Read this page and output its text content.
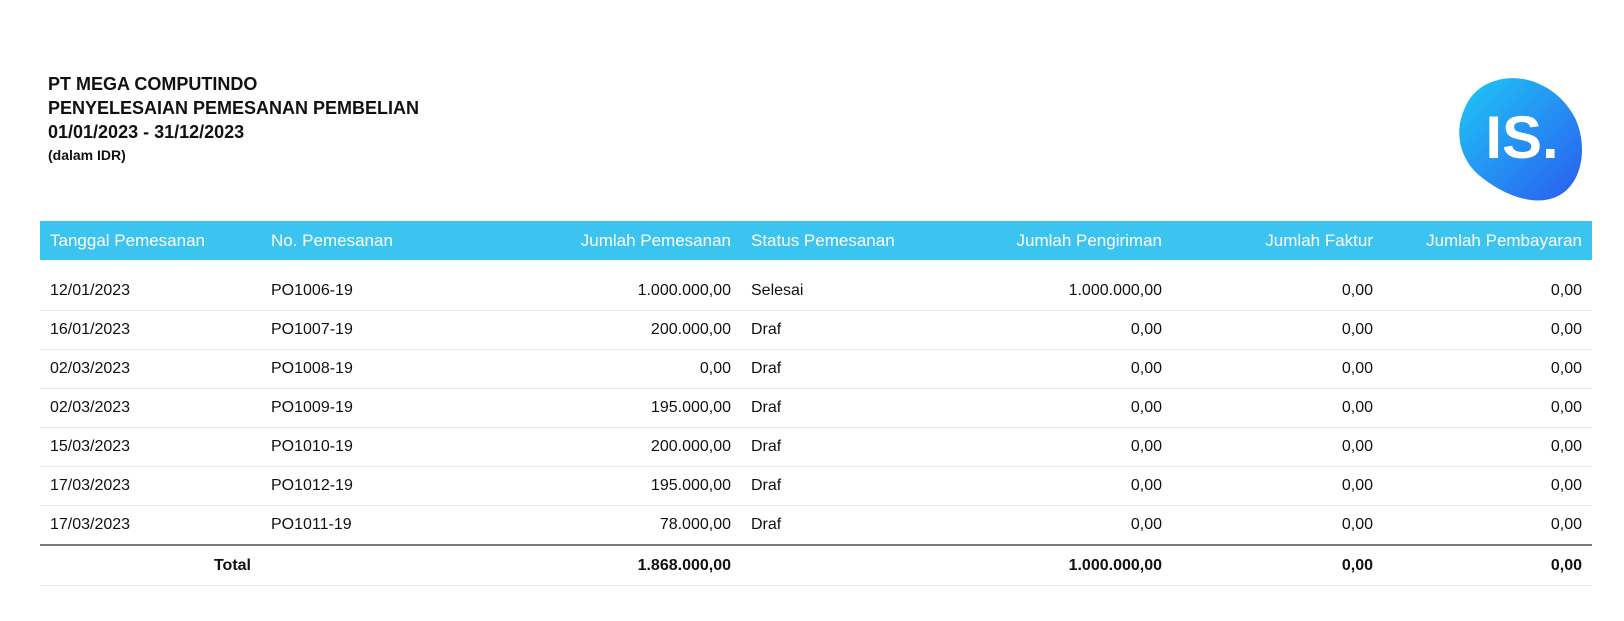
PT MEGA COMPUTINDO
PENYELESAIAN PEMESANAN PEMBELIAN
01/01/2023 - 31/12/2023
(dalam IDR)	IS.
Tanggal Pemesanan	No. Pemesanan	Jumlah Pemesanan	Status Pemesanan	Jumlah Pengiriman	Jumlah Faktur	Jumlah Pembayaran

12/01/2023	PO1006-19	1.000.000,00	Selesai	1.000.000,00	0,00	0,00
16/01/2023	PO1007-19	200.000,00	Draf	0,00	0,00	0,00
02/03/2023	PO1008-19	0,00	Draf	0,00	0,00	0,00
02/03/2023	PO1009-19	195.000,00	Draf	0,00	0,00	0,00
15/03/2023	PO1010-19	200.000,00	Draf	0,00	0,00	0,00
17/03/2023	PO1012-19	195.000,00	Draf	0,00	0,00	0,00
17/03/2023	PO1011-19	78.000,00	Draf	0,00	0,00	0,00
Total		1.868.000,00		1.000.000,00	0,00	0,00
